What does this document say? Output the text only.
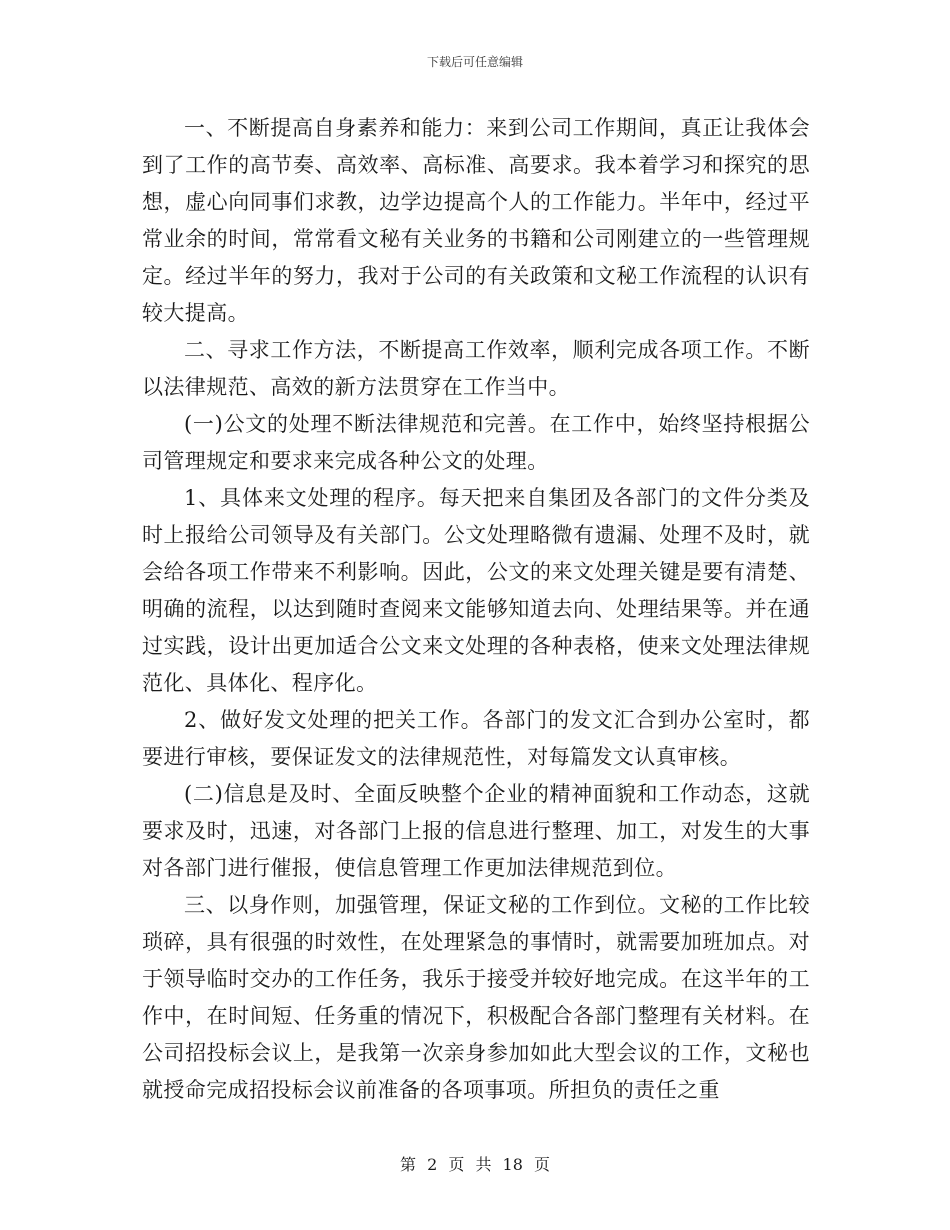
下载后可任意编辑

一、不断提高自身素养和能力：来到公司工作期间，真正让我体会到了工作的高节奏、高效率、高标准、高要求。我本着学习和探究的思想，虚心向同事们求教，边学边提高个人的工作能力。半年中，经过平常业余的时间，常常看文秘有关业务的书籍和公司刚建立的一些管理规定。经过半年的努力，我对于公司的有关政策和文秘工作流程的认识有较大提高。

二、寻求工作方法，不断提高工作效率，顺利完成各项工作。不断以法律规范、高效的新方法贯穿在工作当中。

(一)公文的处理不断法律规范和完善。在工作中，始终坚持根据公司管理规定和要求来完成各种公文的处理。

1、具体来文处理的程序。每天把来自集团及各部门的文件分类及时上报给公司领导及有关部门。公文处理略微有遗漏、处理不及时，就会给各项工作带来不利影响。因此，公文的来文处理关键是要有清楚、明确的流程，以达到随时查阅来文能够知道去向、处理结果等。并在通过实践，设计出更加适合公文来文处理的各种表格，使来文处理法律规范化、具体化、程序化。

2、做好发文处理的把关工作。各部门的发文汇合到办公室时，都要进行审核，要保证发文的法律规范性，对每篇发文认真审核。

(二)信息是及时、全面反映整个企业的精神面貌和工作动态，这就要求及时，迅速，对各部门上报的信息进行整理、加工，对发生的大事对各部门进行催报，使信息管理工作更加法律规范到位。

三、以身作则，加强管理，保证文秘的工作到位。文秘的工作比较琐碎，具有很强的时效性，在处理紧急的事情时，就需要加班加点。对于领导临时交办的工作任务，我乐于接受并较好地完成。在这半年的工作中，在时间短、任务重的情况下，积极配合各部门整理有关材料。在公司招投标会议上，是我第一次亲身参加如此大型会议的工作，文秘也就授命完成招投标会议前准备的各项事项。所担负的责任之重

第 2 页 共 18 页
